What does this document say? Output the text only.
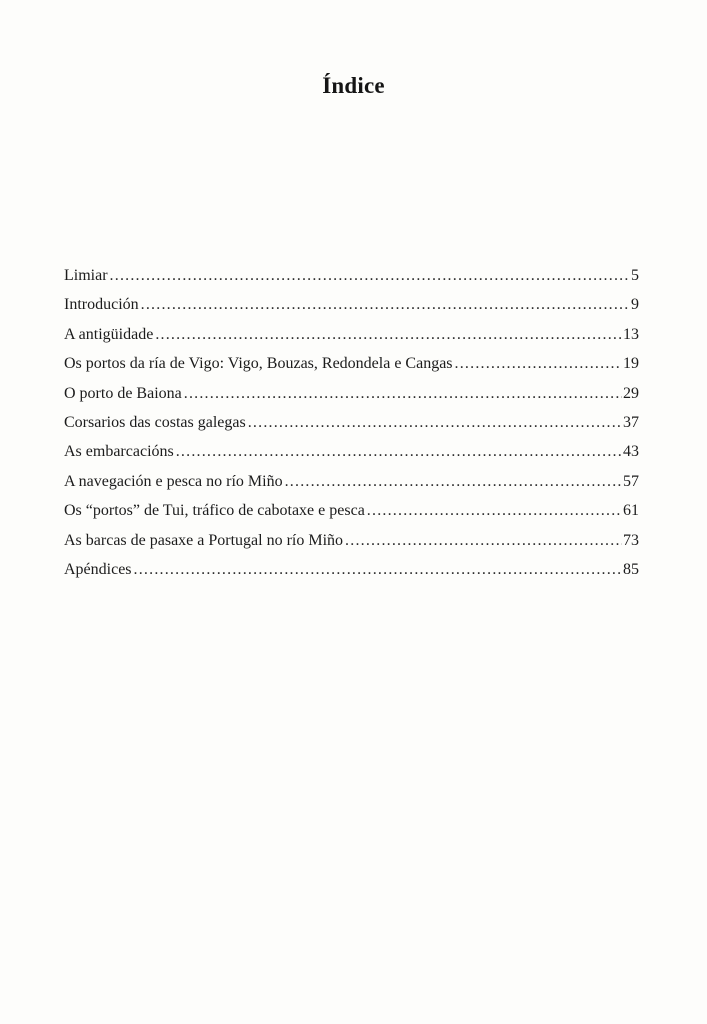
Índice
Limiar .....	5
Introdución .....	9
A antigüidade .....	13
Os portos da ría de Vigo: Vigo, Bouzas, Redondela e Cangas .....	19
O porto de Baiona .....	29
Corsarios das costas galegas .....	37
As embarcacións .....	43
A navegación e pesca no río Miño .....	57
Os “portos” de Tui, tráfico de cabotaxe e pesca .....	61
As barcas de pasaxe a Portugal no río Miño .....	73
Apéndices .....	85
